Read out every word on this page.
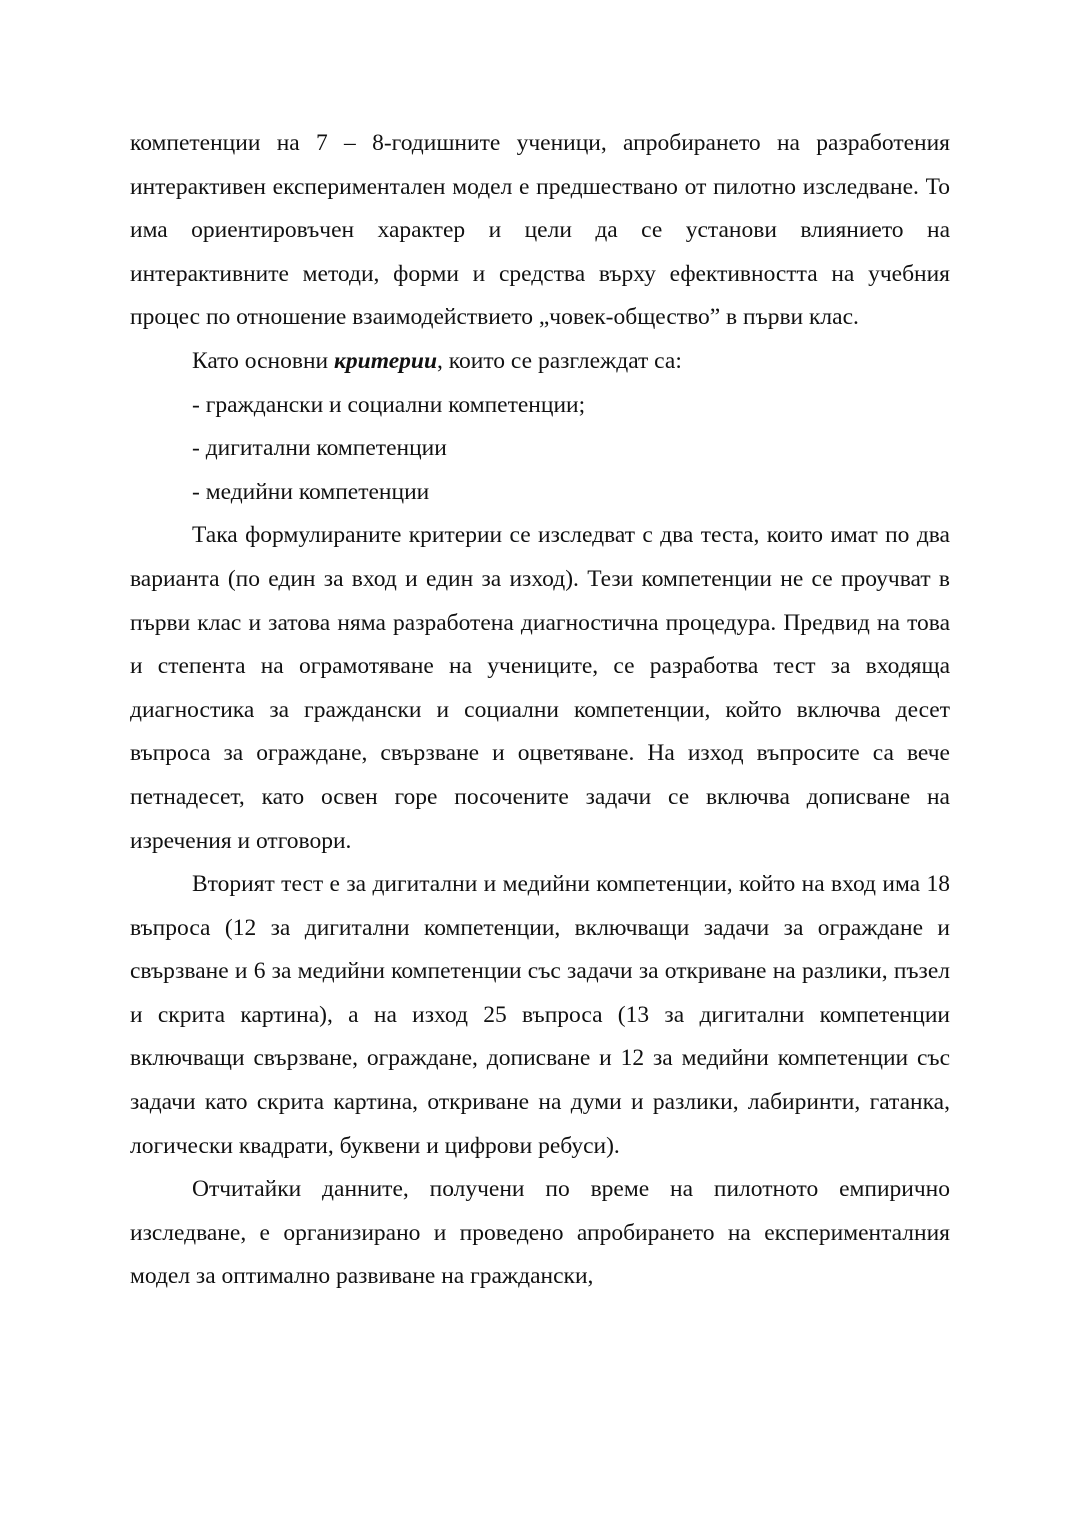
компетенции на 7 – 8-годишните ученици, апробирането на разработения интерактивен експериментален модел е предшествано от пилотно изследване. То има ориентировъчен характер и цели да се установи влиянието на интерактивните методи, форми и средства върху ефективността на учебния процес по отношение взаимодействието „човек-общество” в първи клас.

Като основни критерии, които се разглеждат са:

- граждански и социални компетенции;

- дигитални компетенции

- медийни компетенции

Така формулираните критерии се изследват с два теста, които имат по два варианта (по един за вход и един за изход). Тези компетенции не се проучват в първи клас и затова няма разработена диагностична процедура. Предвид на това и степента на ограмотяване на учениците, се разработва тест за входяща диагностика за граждански и социални компетенции, който включва десет въпроса за ограждане, свързване и оцветяване. На изход въпросите са вече петнадесет, като освен горе посочените задачи се включва дописване на изречения и отговори.

Вторият тест е за дигитални и медийни компетенции, който на вход има 18 въпроса (12 за дигитални компетенции, включващи задачи за ограждане и свързване и 6 за медийни компетенции със задачи за откриване на разлики, пъзел и скрита картина), а на изход 25 въпроса (13 за дигитални компетенции включващи свързване, ограждане, дописване и 12 за медийни компетенции със задачи като скрита картина, откриване на думи и разлики, лабиринти, гатанка, логически квадрати, буквени и цифрови ребуси).

Отчитайки данните, получени по време на пилотното емпирично изследване, е организирано и проведено апробирането на експерименталния модел за оптимално развиване на граждански,
